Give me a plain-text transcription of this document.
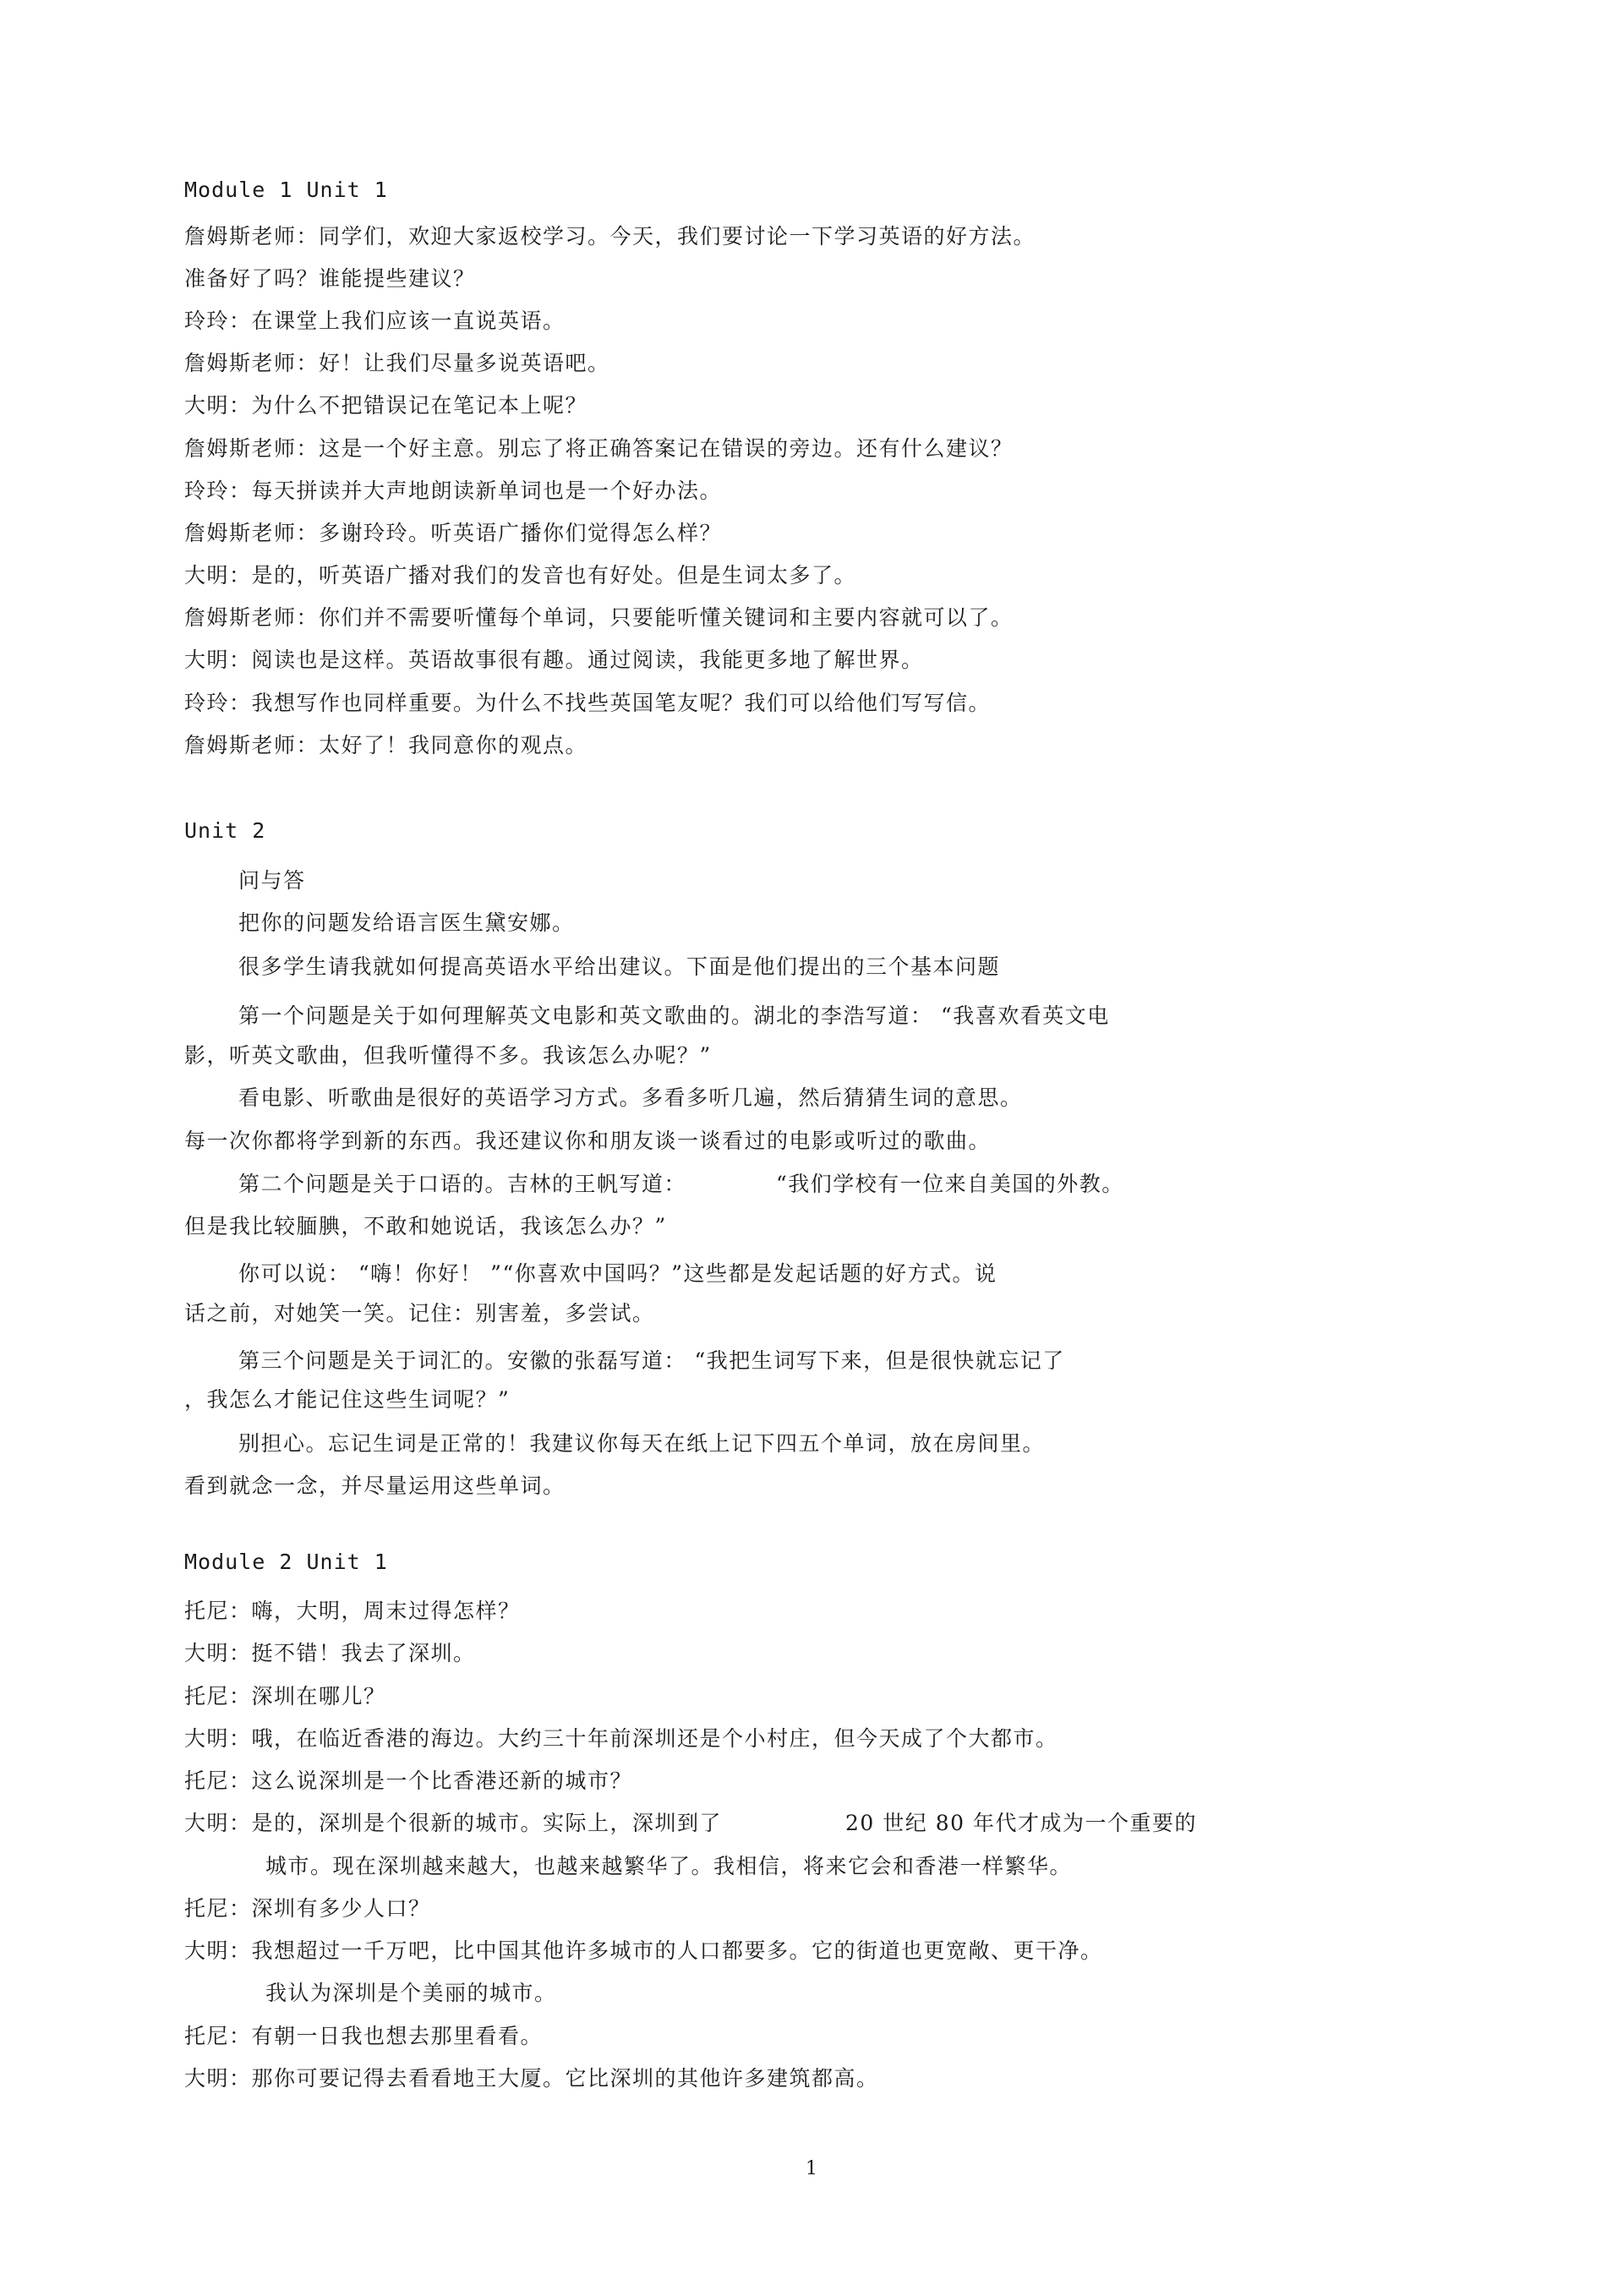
Module 1 Unit 1
詹姆斯老师：同学们，欢迎大家返校学习。今天，我们要讨论一下学习英语的好方法。
准备好了吗？谁能提些建议？
玲玲：在课堂上我们应该一直说英语。
詹姆斯老师：好！让我们尽量多说英语吧。
大明：为什么不把错误记在笔记本上呢？
詹姆斯老师：这是一个好主意。别忘了将正确答案记在错误的旁边。还有什么建议？
玲玲：每天拼读并大声地朗读新单词也是一个好办法。
詹姆斯老师：多谢玲玲。听英语广播你们觉得怎么样？
大明：是的，听英语广播对我们的发音也有好处。但是生词太多了。
詹姆斯老师：你们并不需要听懂每个单词，只要能听懂关键词和主要内容就可以了。
大明：阅读也是这样。英语故事很有趣。通过阅读，我能更多地了解世界。
玲玲：我想写作也同样重要。为什么不找些英国笔友呢？我们可以给他们写写信。
詹姆斯老师：太好了！我同意你的观点。
Unit 2
问与答
把你的问题发给语言医生黛安娜。
很多学生请我就如何提高英语水平给出建议。下面是他们提出的三个基本问题
第一个问题是关于如何理解英文电影和英文歌曲的。湖北的李浩写道： “我喜欢看英文电
影，听英文歌曲，但我听懂得不多。我该怎么办呢？”
看电影、听歌曲是很好的英语学习方式。多看多听几遍，然后猜猜生词的意思。
每一次你都将学到新的东西。我还建议你和朋友谈一谈看过的电影或听过的歌曲。
第二个问题是关于口语的。吉林的王帆写道：	“我们学校有一位来自美国的外教。
但是我比较腼腆，不敢和她说话，我该怎么办？”
你可以说： “嗨！你好！ ”“你喜欢中国吗？”这些都是发起话题的好方式。说
话之前，对她笑一笑。记住：别害羞，多尝试。
第三个问题是关于词汇的。安徽的张磊写道： “我把生词写下来，但是很快就忘记了
，我怎么才能记住这些生词呢？”
别担心。忘记生词是正常的！我建议你每天在纸上记下四五个单词，放在房间里。
看到就念一念，并尽量运用这些单词。
Module 2 Unit 1
托尼：嗨，大明，周末过得怎样？
大明：挺不错！我去了深圳。
托尼：深圳在哪儿？
大明：哦，在临近香港的海边。大约三十年前深圳还是个小村庄，但今天成了个大都市。
托尼：这么说深圳是一个比香港还新的城市？
大明：是的，深圳是个很新的城市。实际上，深圳到了	20 世纪 80 年代才成为一个重要的
城市。现在深圳越来越大，也越来越繁华了。我相信，将来它会和香港一样繁华。
托尼：深圳有多少人口？
大明：我想超过一千万吧，比中国其他许多城市的人口都要多。它的街道也更宽敞、更干净。
我认为深圳是个美丽的城市。
托尼：有朝一日我也想去那里看看。
大明：那你可要记得去看看地王大厦。它比深圳的其他许多建筑都高。
1
